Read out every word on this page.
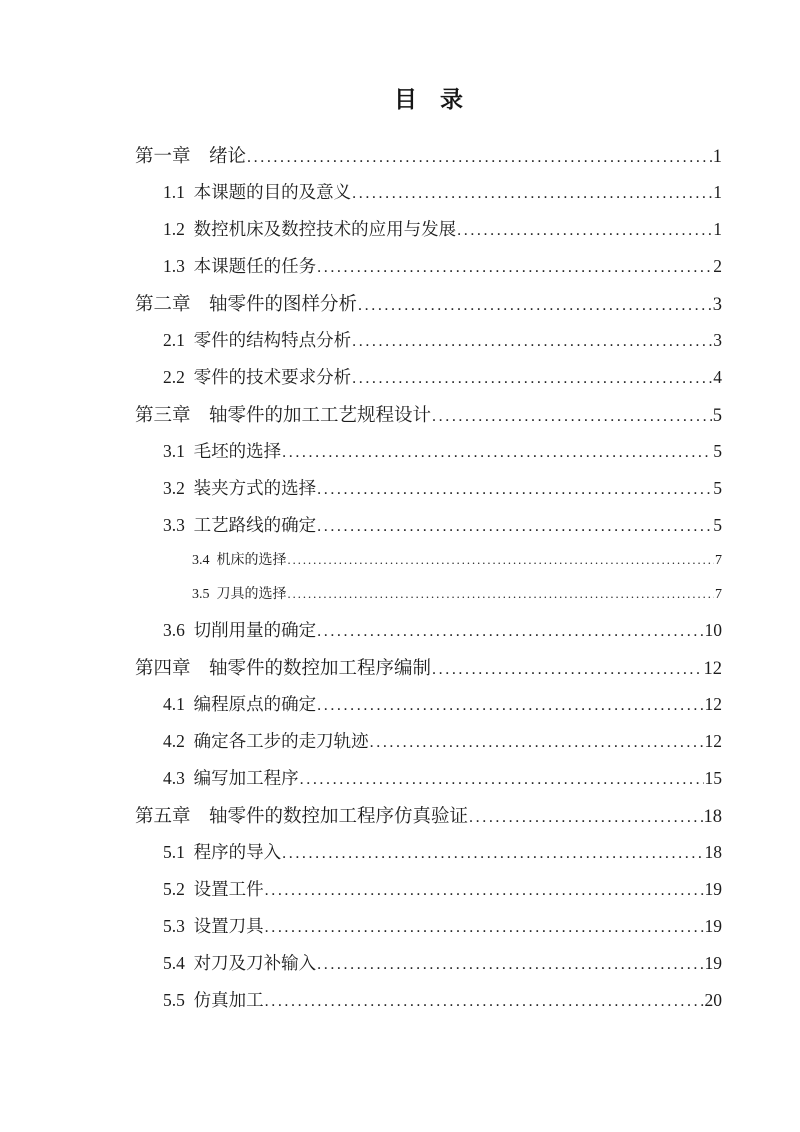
目　录
第一章　绪论 .....	1
1.1  本课题的目的及意义 .....	1
1.2  数控机床及数控技术的应用与发展 .....	1
1.3  本课题任的任务 .....	2
第二章　轴零件的图样分析 .....	3
2.1  零件的结构特点分析 .....	3
2.2  零件的技术要求分析 .....	4
第三章　轴零件的加工工艺规程设计 .....	5
3.1  毛坯的选择 .....	5
3.2  装夹方式的选择 .....	5
3.3  工艺路线的确定 .....	5
3.4  机床的选择 .....	7
3.5  刀具的选择 .....	7
3.6  切削用量的确定 .....	10
第四章　轴零件的数控加工程序编制 .....	12
4.1  编程原点的确定 .....	12
4.2  确定各工步的走刀轨迹 .....	12
4.3  编写加工程序 .....	15
第五章　轴零件的数控加工程序仿真验证 .....	18
5.1  程序的导入 .....	18
5.2  设置工件 .....	19
5.3  设置刀具 .....	19
5.4  对刀及刀补输入 .....	19
5.5  仿真加工 .....	20
